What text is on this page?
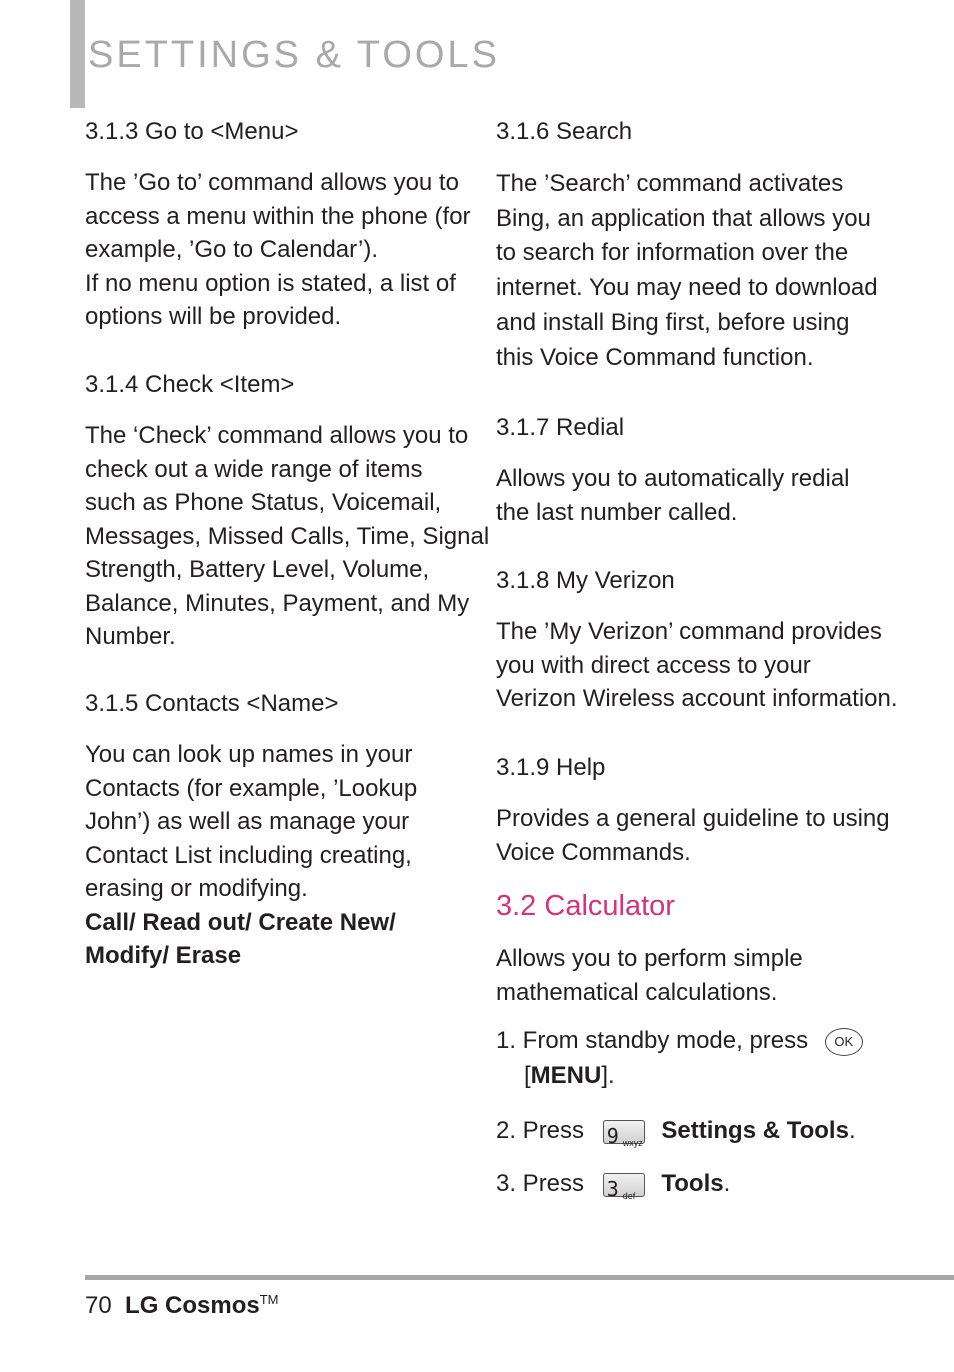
SETTINGS & TOOLS
3.1.3 Go to <Menu>
The ’Go to’ command allows you to
access a menu within the phone (for
example, ’Go to Calendar’).
If no menu option is stated, a list of
options will be provided.
3.1.4 Check <Item>
The ‘Check’ command allows you to
check out a wide range of items
such as Phone Status, Voicemail,
Messages, Missed Calls, Time, Signal
Strength, Battery Level, Volume,
Balance, Minutes, Payment, and My
Number.
3.1.5 Contacts <Name>
You can look up names in your
Contacts (for example, ’Lookup
John’) as well as manage your
Contact List including creating,
erasing or modifying.
Call/ Read out/ Create New/
Modify/ Erase
3.1.6 Search
The ’Search’ command activates
Bing, an application that allows you
to search for information over the
internet. You may need to download
and install Bing first, before using
this Voice Command function.
3.1.7 Redial
Allows you to automatically redial
the last number called.
3.1.8 My Verizon
The ’My Verizon’ command provides
you with direct access to your
Verizon Wireless account information.
3.1.9 Help
Provides a general guideline to using
Voice Commands.
3.2 Calculator
Allows you to perform simple
mathematical calculations.
1. From standby mode, press OK
[MENU].
2. Press 9 wxyz Settings & Tools.
3. Press 3 def Tools.
70 LG Cosmos™
